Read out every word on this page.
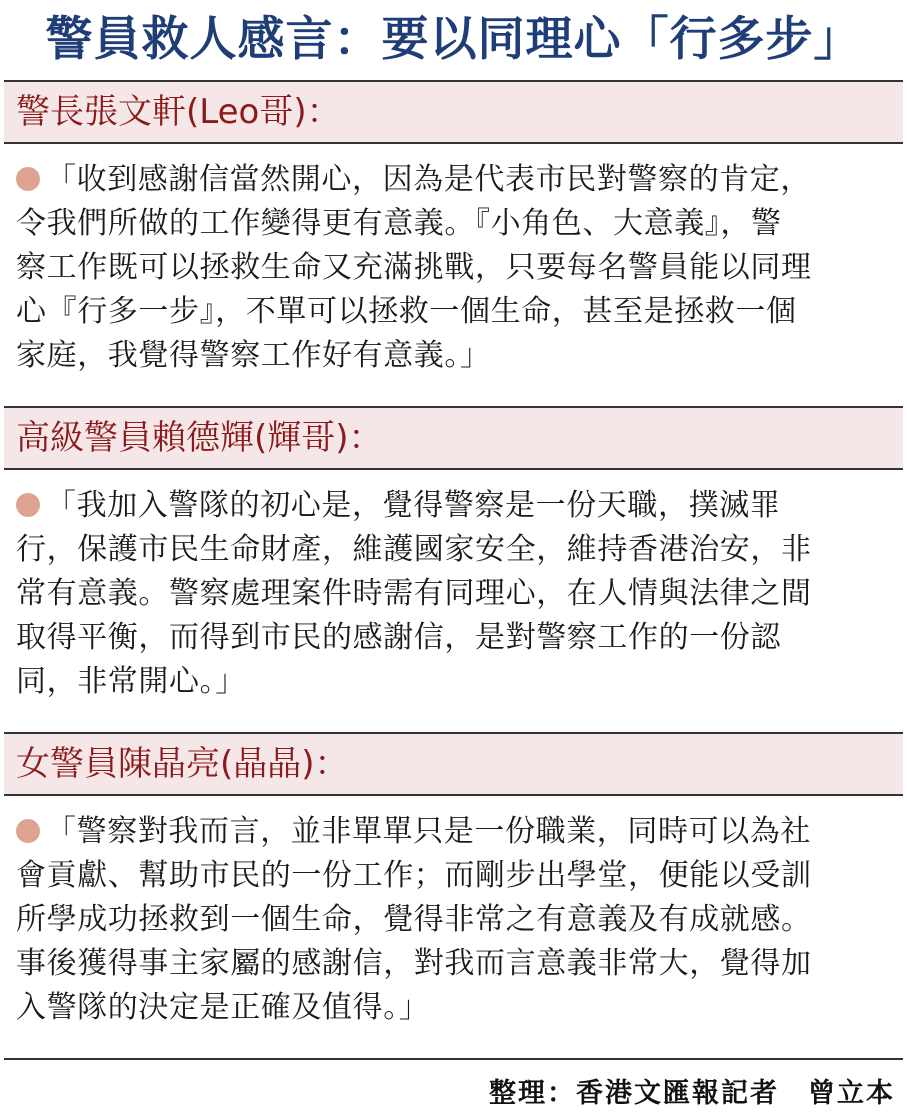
警員救人感言：要以同理心「行多步」
警長張文軒(Leo哥)：
「收到感謝信當然開心，因為是代表市民對警察的肯定，
令我們所做的工作變得更有意義。『小角色、大意義』，警
察工作既可以拯救生命又充滿挑戰，只要每名警員能以同理
心『行多一步』，不單可以拯救一個生命，甚至是拯救一個
家庭，我覺得警察工作好有意義。」
高級警員賴德輝(輝哥)：
「我加入警隊的初心是，覺得警察是一份天職，撲滅罪
行，保護市民生命財產，維護國家安全，維持香港治安，非
常有意義。警察處理案件時需有同理心，在人情與法律之間
取得平衡，而得到市民的感謝信，是對警察工作的一份認
同，非常開心。」
女警員陳晶亮(晶晶)：
「警察對我而言，並非單單只是一份職業，同時可以為社
會貢獻、幫助市民的一份工作；而剛步出學堂，便能以受訓
所學成功拯救到一個生命，覺得非常之有意義及有成就感。
事後獲得事主家屬的感謝信，對我而言意義非常大，覺得加
入警隊的決定是正確及值得。」
整理：香港文匯報記者　曾立本
